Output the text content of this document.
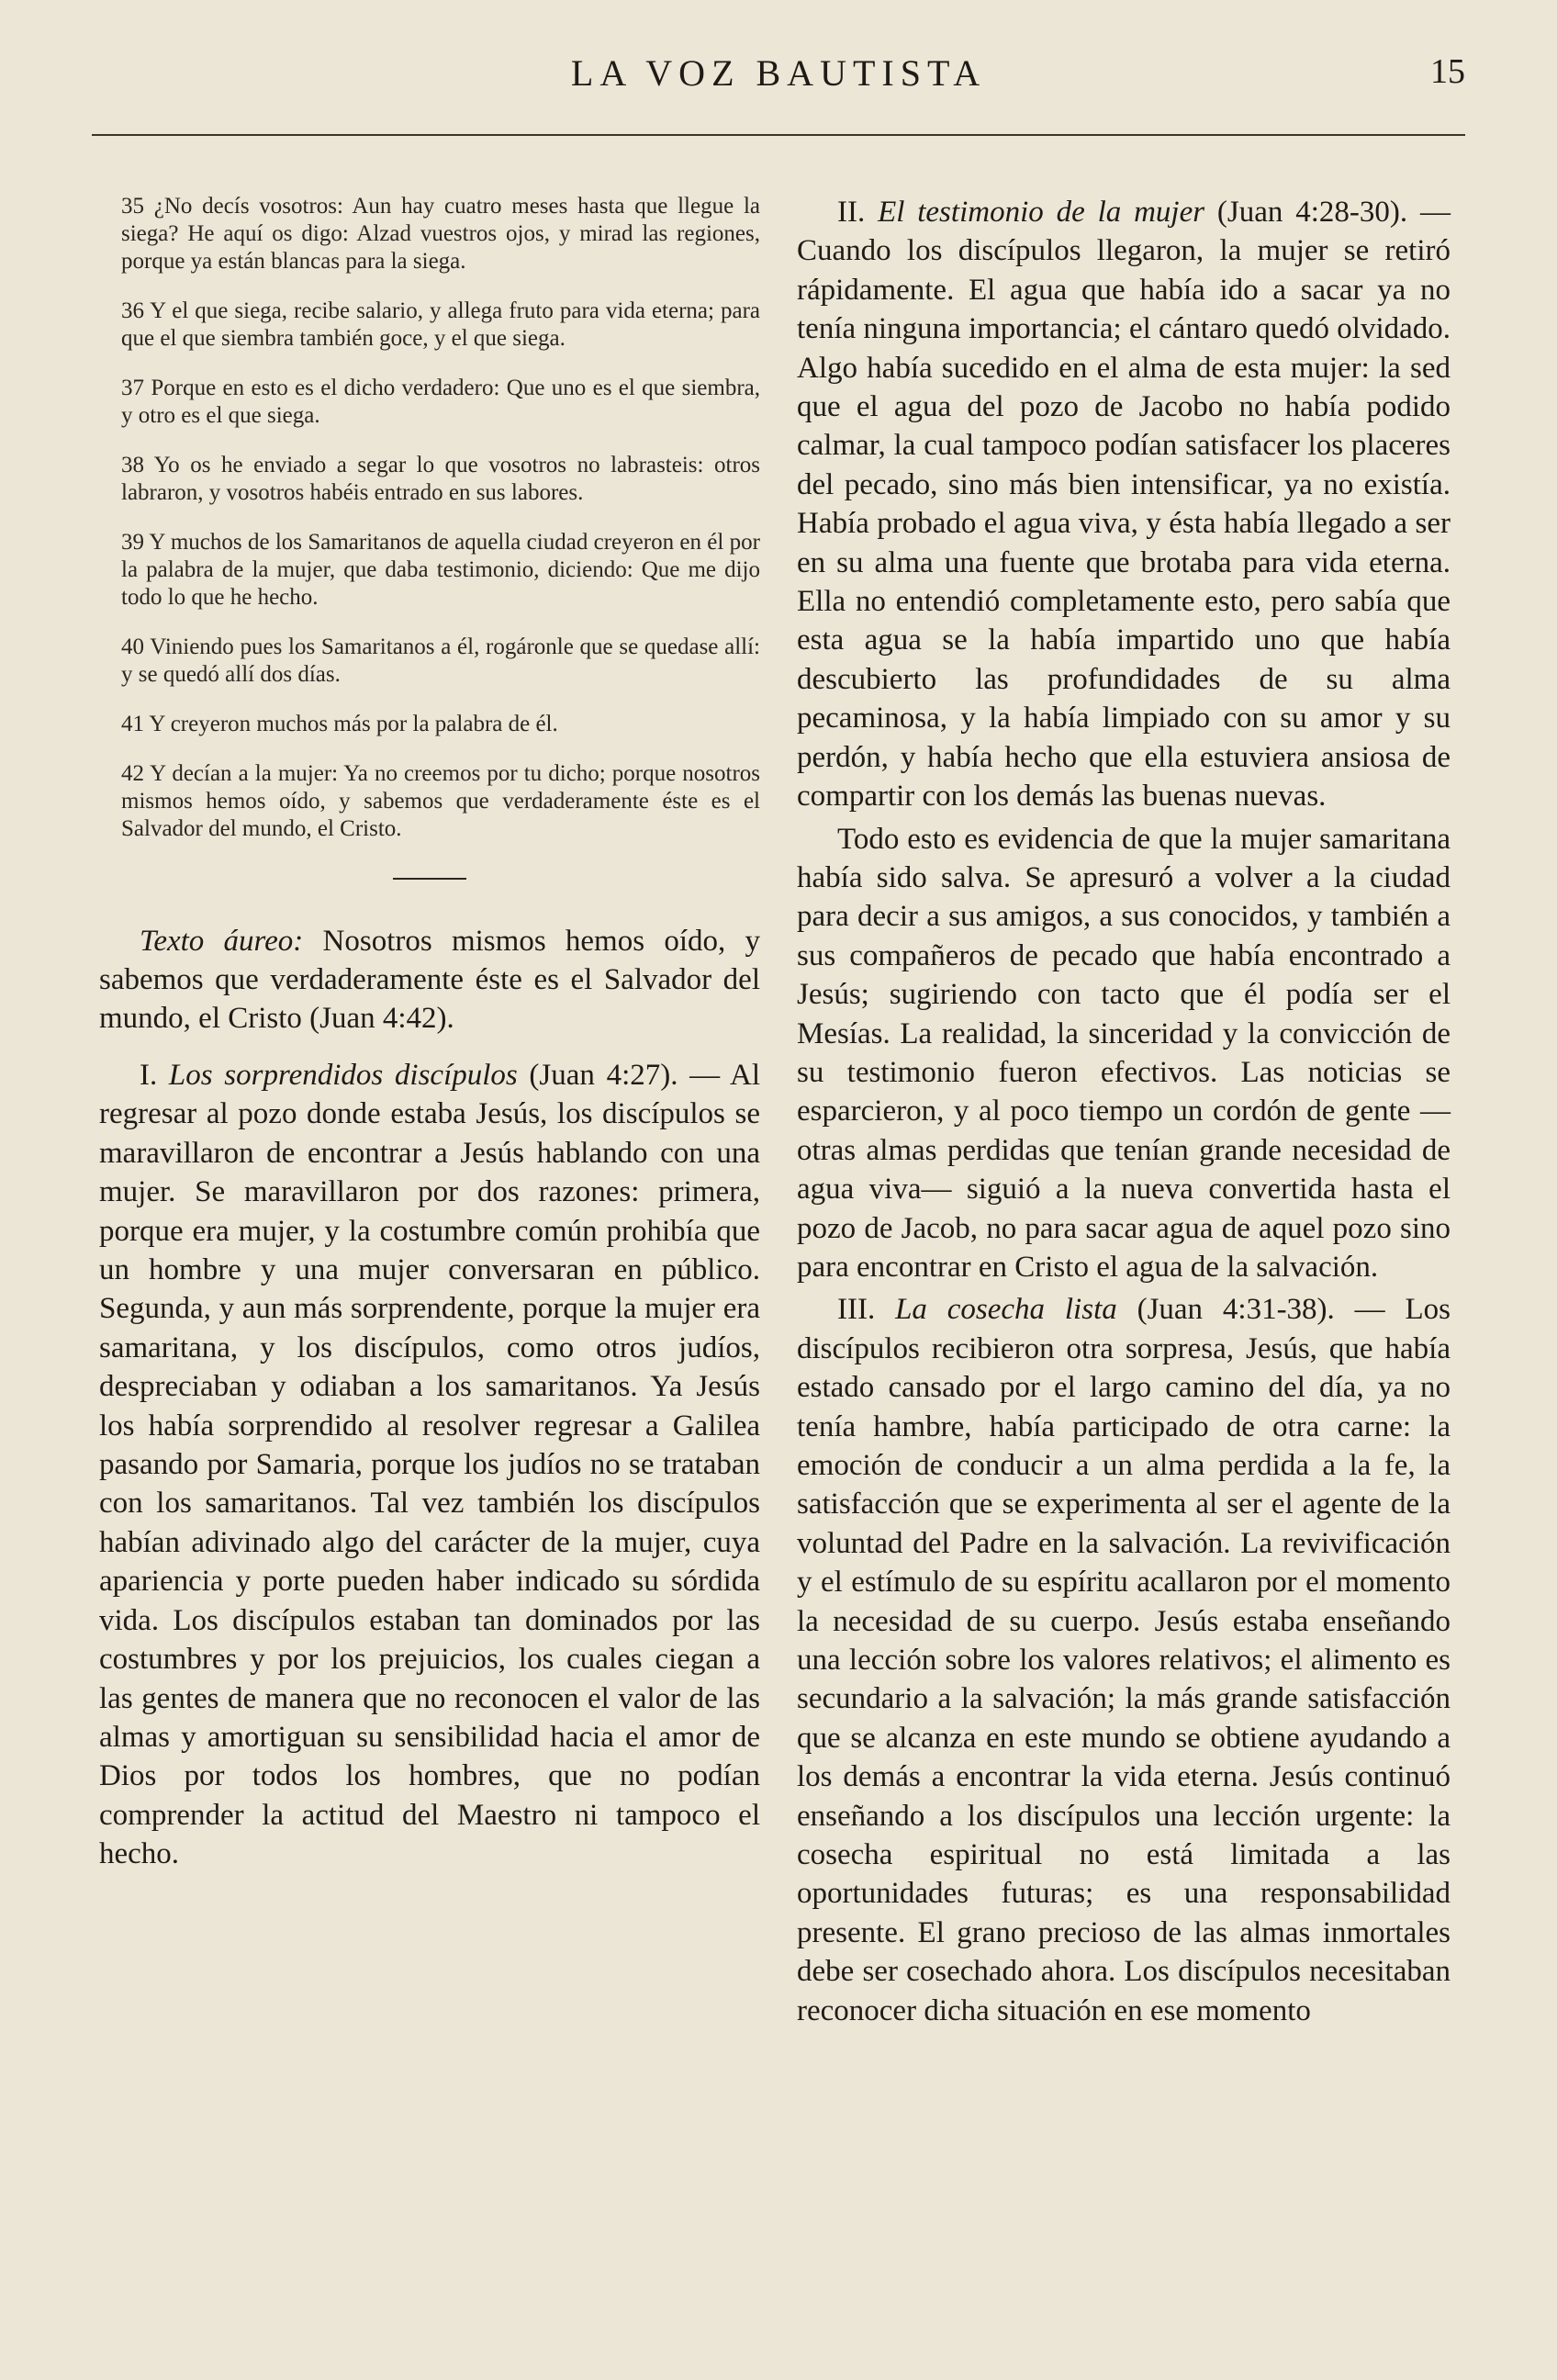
LA VOZ BAUTISTA	15

35 ¿No decís vosotros: Aun hay cuatro meses hasta que llegue la siega? He aquí os digo: Alzad vuestros ojos, y mirad las regiones, porque ya están blancas para la siega.

36 Y el que siega, recibe salario, y allega fruto para vida eterna; para que el que siembra también goce, y el que siega.

37 Porque en esto es el dicho verdadero: Que uno es el que siembra, y otro es el que siega.

38 Yo os he enviado a segar lo que vosotros no labrasteis: otros labraron, y vosotros habéis entrado en sus labores.

39 Y muchos de los Samaritanos de aquella ciudad creyeron en él por la palabra de la mujer, que daba testimonio, diciendo: Que me dijo todo lo que he hecho.

40 Viniendo pues los Samaritanos a él, rogáronle que se quedase allí: y se quedó allí dos días.

41 Y creyeron muchos más por la palabra de él.

42 Y decían a la mujer: Ya no creemos por tu dicho; porque nosotros mismos hemos oído, y sabemos que verdaderamente éste es el Salvador del mundo, el Cristo.

Texto áureo: Nosotros mismos hemos oído, y sabemos que verdaderamente éste es el Salvador del mundo, el Cristo (Juan 4:42).

I. Los sorprendidos discípulos (Juan 4:27). — Al regresar al pozo donde estaba Jesús, los discípulos se maravillaron de encontrar a Jesús hablando con una mujer. Se maravillaron por dos razones: primera, porque era mujer, y la costumbre común prohibía que un hombre y una mujer conversaran en público. Segunda, y aun más sorprendente, porque la mujer era samaritana, y los discípulos, como otros judíos, despreciaban y odiaban a los samaritanos. Ya Jesús los había sorprendido al resolver regresar a Galilea pasando por Samaria, porque los judíos no se trataban con los samaritanos. Tal vez también los discípulos habían adivinado algo del carácter de la mujer, cuya apariencia y porte pueden haber indicado su sórdida vida. Los discípulos estaban tan dominados por las costumbres y por los prejuicios, los cuales ciegan a las gentes de manera que no reconocen el valor de las almas y amortiguan su sensibilidad hacia el amor de Dios por todos los hombres, que no podían comprender la actitud del Maestro ni tampoco el hecho.

II. El testimonio de la mujer (Juan 4:28-30). — Cuando los discípulos llegaron, la mujer se retiró rápidamente. El agua que había ido a sacar ya no tenía ninguna importancia; el cántaro quedó olvidado. Algo había sucedido en el alma de esta mujer: la sed que el agua del pozo de Jacobo no había podido calmar, la cual tampoco podían satisfacer los placeres del pecado, sino más bien intensificar, ya no existía. Había probado el agua viva, y ésta había llegado a ser en su alma una fuente que brotaba para vida eterna. Ella no entendió completamente esto, pero sabía que esta agua se la había impartido uno que había descubierto las profundidades de su alma pecaminosa, y la había limpiado con su amor y su perdón, y había hecho que ella estuviera ansiosa de compartir con los demás las buenas nuevas.

Todo esto es evidencia de que la mujer samaritana había sido salva. Se apresuró a volver a la ciudad para decir a sus amigos, a sus conocidos, y también a sus compañeros de pecado que había encontrado a Jesús; sugiriendo con tacto que él podía ser el Mesías. La realidad, la sinceridad y la convicción de su testimonio fueron efectivos. Las noticias se esparcieron, y al poco tiempo un cordón de gente —otras almas perdidas que tenían grande necesidad de agua viva— siguió a la nueva convertida hasta el pozo de Jacob, no para sacar agua de aquel pozo sino para encontrar en Cristo el agua de la salvación.

III. La cosecha lista (Juan 4:31-38). — Los discípulos recibieron otra sorpresa, Jesús, que había estado cansado por el largo camino del día, ya no tenía hambre, había participado de otra carne: la emoción de conducir a un alma perdida a la fe, la satisfacción que se experimenta al ser el agente de la voluntad del Padre en la salvación. La revivificación y el estímulo de su espíritu acallaron por el momento la necesidad de su cuerpo. Jesús estaba enseñando una lección sobre los valores relativos; el alimento es secundario a la salvación; la más grande satisfacción que se alcanza en este mundo se obtiene ayudando a los demás a encontrar la vida eterna. Jesús continuó enseñando a los discípulos una lección urgente: la cosecha espiritual no está limitada a las oportunidades futuras; es una responsabilidad presente. El grano precioso de las almas inmortales debe ser cosechado ahora. Los discípulos necesitaban reconocer dicha situación en ese momento
